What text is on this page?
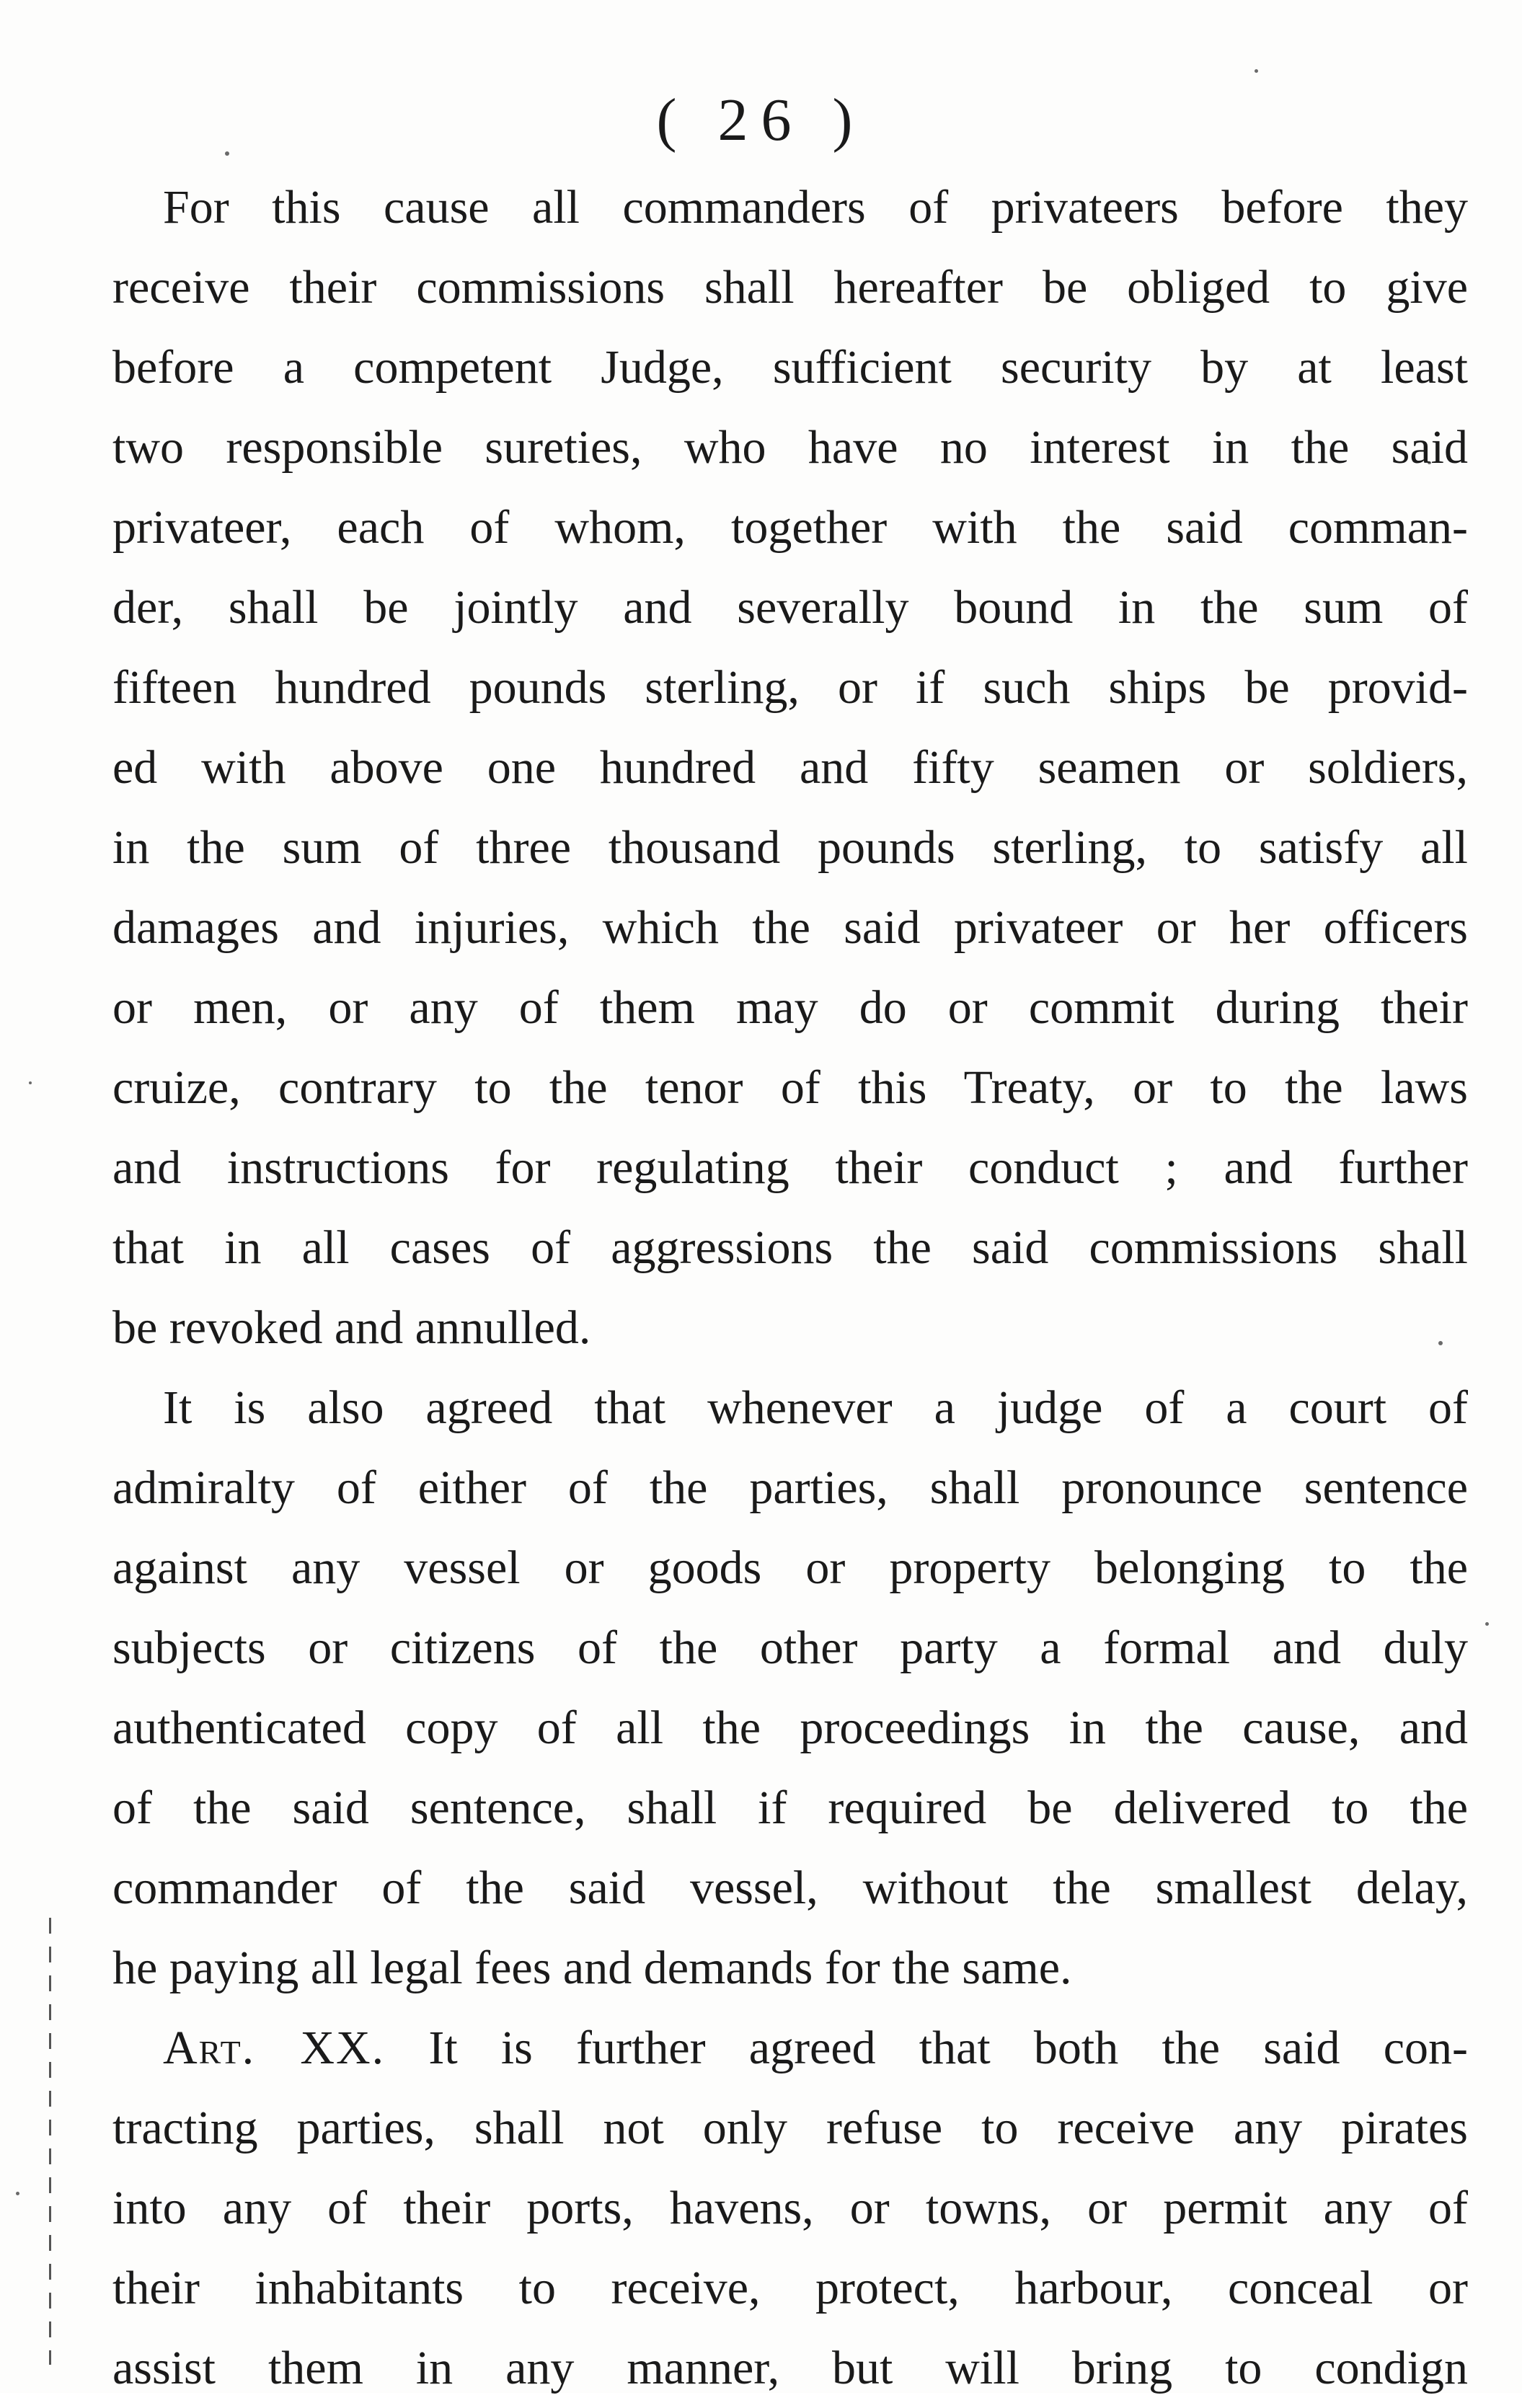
( 26 )
For this cause all commanders of privateers before they
receive their commissions shall hereafter be obliged to give
before a competent Judge, sufficient security by at least
two responsible sureties, who have no interest in the said
privateer, each of whom, together with the said comman-
der, shall be jointly and severally bound in the sum of
fifteen hundred pounds sterling, or if such ships be provid-
ed with above one hundred and fifty seamen or soldiers,
in the sum of three thousand pounds sterling, to satisfy all
damages and injuries, which the said privateer or her officers
or men, or any of them may do or commit during their
cruize, contrary to the tenor of this Treaty, or to the laws
and instructions for regulating their conduct ; and further
that in all cases of aggressions the said commissions shall
be revoked and annulled.
It is also agreed that whenever a judge of a court of
admiralty of either of the parties, shall pronounce sentence
against any vessel or goods or property belonging to the
subjects or citizens of the other party a formal and duly
authenticated copy of all the proceedings in the cause, and
of the said sentence, shall if required be delivered to the
commander of the said vessel, without the smallest delay,
he paying all legal fees and demands for the same.
Art. XX. It is further agreed that both the said con-
tracting parties, shall not only refuse to receive any pirates
into any of their ports, havens, or towns, or permit any of
their inhabitants to receive, protect, harbour, conceal or
assist them in any manner, but will bring to condign
